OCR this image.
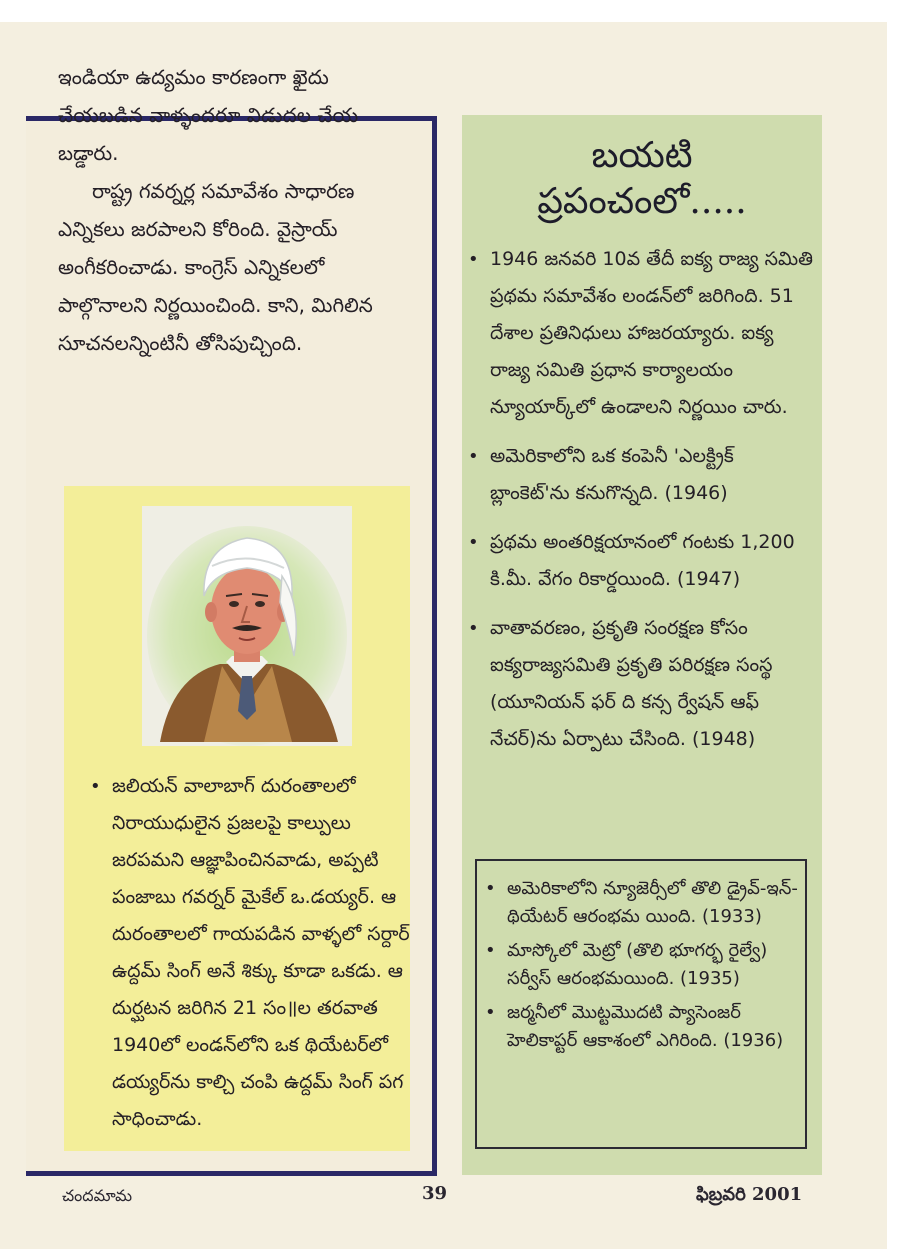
ఇండియా ఉద్యమం కారణంగా ఖైదు చేయబడిన వాళ్ళందరూ విడుదల చేయ బడ్డారు.

రాష్ట్ర గవర్నర్ల సమావేశం సాధారణ ఎన్నికలు జరపాలని కోరింది. వైస్రాయ్ అంగీకరించాడు. కాంగ్రెస్ ఎన్నికలలో పాల్గొనాలని నిర్ణయించింది. కాని, మిగిలిన సూచనలన్నింటినీ తోసిపుచ్చింది.

• జలియన్ వాలాబాగ్ దురంతాలలో నిరాయుధులైన ప్రజలపై కాల్పులు జరపమని ఆజ్ఞాపించినవాడు, అప్పటి పంజాబు గవర్నర్ మైకేల్ ఒ.డయ్యర్. ఆ దురంతాలలో గాయపడిన వాళ్ళలో సర్దార్ ఉద్దమ్ సింగ్ అనే శిక్కు కూడా ఒకడు. ఆ దుర్ఘటన జరిగిన 21 సం॥ల తరవాత 1940లో లండన్‌లోని ఒక థియేటర్‌లో డయ్యర్‌ను కాల్చి చంపి ఉద్దమ్ సింగ్ పగ సాధించాడు.
బయటి
ప్రపంచంలో.....
• 1946 జనవరి 10వ తేదీ ఐక్య రాజ్య సమితి ప్రథమ సమావేశం లండన్‌లో జరిగింది. 51 దేశాల ప్రతినిధులు హాజరయ్యారు. ఐక్య రాజ్య సమితి ప్రధాన కార్యాలయం న్యూయార్క్‌లో ఉండాలని నిర్ణయిం చారు.
• అమెరికాలోని ఒక కంపెనీ 'ఎలక్ట్రిక్ బ్లాంకెట్'ను కనుగొన్నది. (1946)
• ప్రథమ అంతరిక్షయానంలో గంటకు 1,200 కి.మీ. వేగం రికార్డయింది. (1947)
• వాతావరణం, ప్రకృతి సంరక్షణ కోసం ఐక్యరాజ్యసమితి ప్రకృతి పరిరక్షణ సంస్థ (యూనియన్ ఫర్ ది కన్స ర్వేషన్ ఆఫ్ నేచర్)ను ఏర్పాటు చేసింది. (1948)
• అమెరికాలోని న్యూజెర్సీలో తొలి డ్రైవ్-ఇన్-థియేటర్ ఆరంభమ యింది. (1933)
• మాస్కోలో మెట్రో (తొలి భూగర్భ రైల్వే) సర్వీస్ ఆరంభమయింది. (1935)
• జర్మనీలో మొట్టమొదటి ప్యాసెంజర్ హెలికాప్టర్ ఆకాశంలో ఎగిరింది. (1936)
చందమామ	39	ఫిబ్రవరి 2001
